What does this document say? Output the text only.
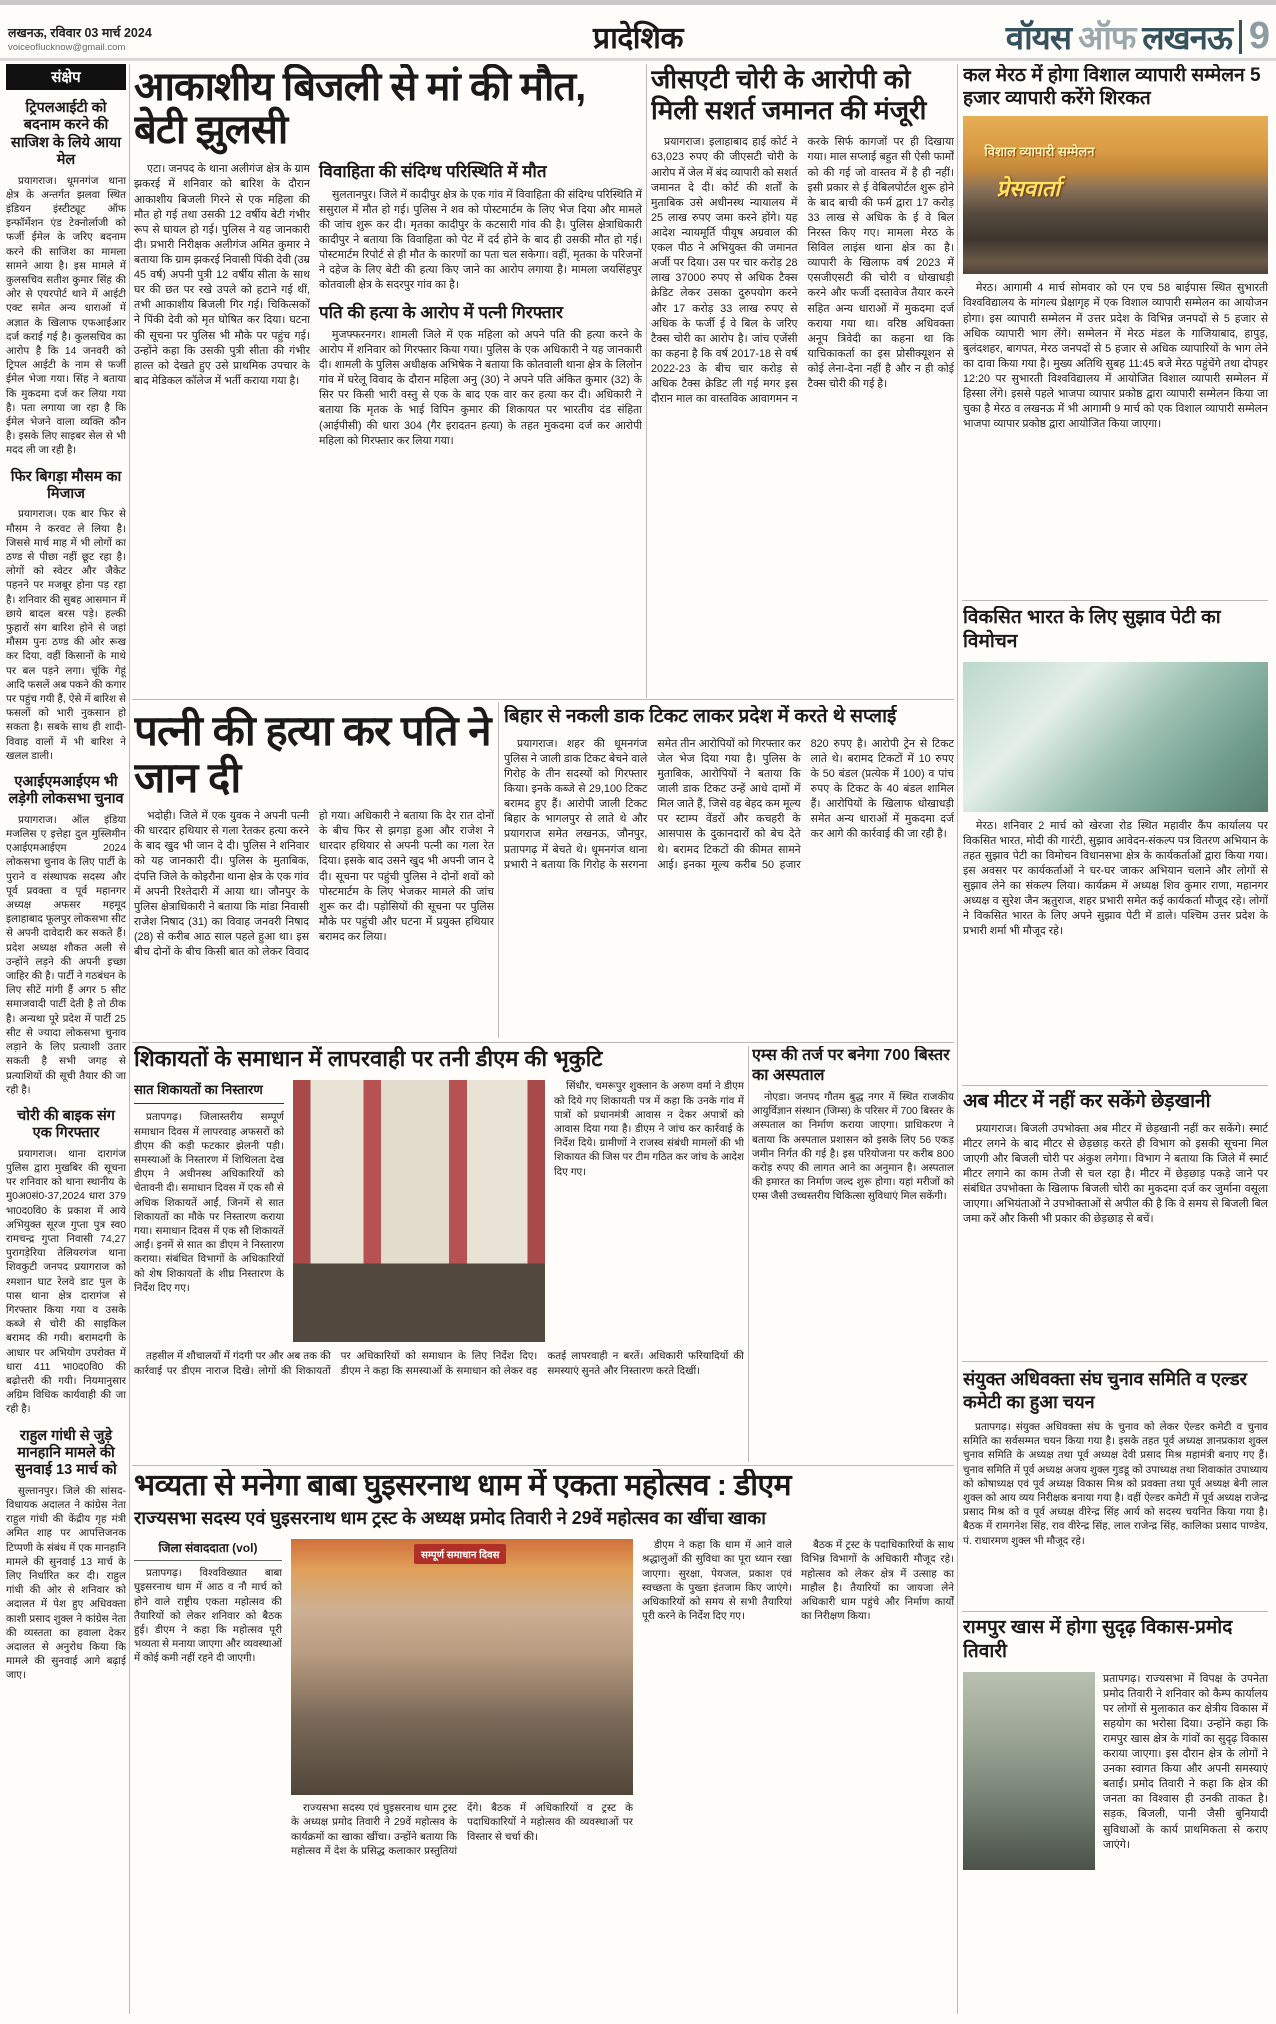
लखनऊ, रविवार 03 मार्च 2024
voiceoflucknow@gmail.com	प्रादेशिक	वॉयस ऑफ लखनऊ 9
संक्षेप
ट्रिपलआईटी को बदनाम करने की साजिश के लिये आया मेल
प्रयागराज। धूमनगंज थाना क्षेत्र के अन्तर्गत झलवा स्थित इंडियन इंस्टीट्यूट ऑफ इन्फॉर्मेशन एंड टेक्नोर्लाजी को फर्जी ईमेल के जरिए बदनाम करने की साजिश का मामला सामने आया है। इस मामले में कुलसचिव सतीश कुमार सिंह की ओर से एयरपोर्ट थाने में आईटी एक्ट समेत अन्य धाराओं में अज्ञात के खिलाफ एफआईआर दर्ज कराई गई है। कुलसचिव का आरोप है कि 14 जनवरी को ट्रिपल आईटी के नाम से फर्जी ईमेल भेजा गया। सिंह ने बताया कि मुकदमा दर्ज कर लिया गया है। पता लगाया जा रहा है कि ईमेल भेजने वाला व्यक्ति कौन है। इसके लिए साइबर सेल से भी मदद ली जा रही है।
फिर बिगड़ा मौसम का मिजाज
प्रयागराज। एक बार फिर से मौसम ने करवट ले लिया है। जिससे मार्च माह में भी लोगों का ठण्ड से पीछा नहीं छूट रहा है। लोगों को स्वेटर और जैकेट पहनने पर मजबूर होना पड़ रहा है। शनिवार की सुबह आसमान में छाये बादल बरस पड़े। हल्की फुहारों संग बारिश होने से जहां मौसम पुनः ठण्ड की ओर रूख कर दिया, वहीं किसानों के माथे पर बल पड़ने लगा। चूंकि गेहूं आदि फसलें अब पकने की कगार पर पहुंच गयी हैं, ऐसे में बारिश से फसलों को भारी नुकसान हो सकता है। सबके साथ ही शादी-विवाह वालों में भी बारिश ने खलल डाली।
एआईएमआईएम भी लड़ेगी लोकसभा चुनाव
प्रयागराज। ऑल इंडिया मजलिस ए इत्तेहा दुल मुस्लिमीन एआईएमआईएम 2024 लोकसभा चुनाव के लिए पार्टी के पुराने व संस्थापक सदस्य और पूर्व प्रवक्ता व पूर्व महानगर अध्यक्ष अफसर महमूद इलाहाबाद फूलपुर लोकसभा सीट से अपनी दावेदारी कर सकते हैं। प्रदेश अध्यक्ष शौकत अली से उन्होंने लड़ने की अपनी इच्छा जाहिर की है। पार्टी ने गठबंधन के लिए सीटें मांगी हैं अगर 5 सीट समाजवादी पार्टी देती है तो ठीक है। अन्यथा पूरे प्रदेश में पार्टी 25 सीट से ज्यादा लोकसभा चुनाव लड़ाने के लिए प्रत्याशी उतार सकती है सभी जगह से प्रत्याशियों की सूची तैयार की जा रही है।
चोरी की बाइक संग एक गिरफ्तार
प्रयागराज। थाना दारागंज पुलिस द्वारा मुखबिर की सूचना पर शनिवार को थाना स्थानीय के मु0अ0सं0-37,2024 धारा 379 भा0द0वि0 के प्रकाश में आये अभियुक्त सूरज गुप्ता पुत्र स्व0 रामचन्द्र गुप्ता निवासी 74,27 पुरागड़ेरिया तेलियरगंज थाना शिवकुटी जनपद प्रयागराज को श्मशान घाट रेलवे डाट पुल के पास थाना क्षेत्र दारागंज से गिरफ्तार किया गया व उसके कब्जे से चोरी की साइकिल बरामद की गयी। बरामदगी के आधार पर अभियोग उपरोक्त में धारा 411 भा0द0वि0 की बढ़ोत्तरी की गयी। नियमानुसार अग्रिम विधिक कार्यवाही की जा रही है।
राहुल गांधी से जुड़े मानहानि मामले की सुनवाई 13 मार्च को
सुल्तानपुर। जिले की सांसद-विधायक अदालत ने कांग्रेस नेता राहुल गांधी की केंद्रीय गृह मंत्री अमित शाह पर आपत्तिजनक टिप्पणी के संबंध में एक मानहानि मामले की सुनवाई 13 मार्च के लिए निर्धारित कर दी। राहुल गांधी की ओर से शनिवार को अदालत में पेश हुए अधिवक्ता काशी प्रसाद शुक्ल ने कांग्रेस नेता की व्यस्तता का हवाला देकर अदालत से अनुरोध किया कि मामले की सुनवाई आगे बढ़ाई जाए।
आकाशीय बिजली से मां की मौत, बेटी झुलसी
एटा। जनपद के थाना अलीगंज क्षेत्र के ग्राम झकरई में शनिवार को बारिश के दौरान आकाशीय बिजली गिरने से एक महिला की मौत हो गई तथा उसकी 12 वर्षीय बेटी गंभीर रूप से घायल हो गई। पुलिस ने यह जानकारी दी। प्रभारी निरीक्षक अलीगंज अमित कुमार ने बताया कि ग्राम झकरई निवासी पिंकी देवी (उम्र 45 वर्ष) अपनी पुत्री 12 वर्षीय सीता के साथ घर की छत पर रखे उपले को हटाने गई थीं, तभी आकाशीय बिजली गिर गई। चिकित्सकों ने पिंकी देवी को मृत घोषित कर दिया। घटना की सूचना पर पुलिस भी मौके पर पहुंच गई। उन्होंने कहा कि उसकी पुत्री सीता की गंभीर हाल्त को देखते हुए उसे प्राथमिक उपचार के बाद मेडिकल कॉलेज में भर्ती कराया गया है।
विवाहिता की संदिग्ध परिस्थिति में मौत
सुलतानपुर। जिले में कादीपुर क्षेत्र के एक गांव में विवाहिता की संदिग्ध परिस्थिति में ससुराल में मौत हो गई। पुलिस ने शव को पोस्टमार्टम के लिए भेज दिया और मामले की जांच शुरू कर दी। मृतका कादीपुर के कटसारी गांव की है। पुलिस क्षेत्राधिकारी कादीपुर ने बताया कि विवाहिता को पेट में दर्द होने के बाद ही उसकी मौत हो गई। पोस्टमार्टम रिपोर्ट से ही मौत के कारणों का पता चल सकेगा। वहीं, मृतका के परिजनों ने दहेज के लिए बेटी की हत्या किए जाने का आरोप लगाया है। मामला जयसिंहपुर कोतवाली क्षेत्र के सदरपुर गांव का है।
पति की हत्या के आरोप में पत्नी गिरफ्तार
मुजफ्फरनगर। शामली जिले में एक महिला को अपने पति की हत्या करने के आरोप में शनिवार को गिरफ्तार किया गया। पुलिस के एक अधिकारी ने यह जानकारी दी। शामली के पुलिस अधीक्षक अभिषेक ने बताया कि कोतवाली थाना क्षेत्र के लिलोन गांव में घरेलू विवाद के दौरान महिला अनु (30) ने अपने पति अंकित कुमार (32) के सिर पर किसी भारी वस्तु से एक के बाद एक वार कर हत्या कर दी। अधिकारी ने बताया कि मृतक के भाई विपिन कुमार की शिकायत पर भारतीय दंड संहिता (आईपीसी) की धारा 304 (गैर इरादतन हत्या) के तहत मुकदमा दर्ज कर आरोपी महिला को गिरफ्तार कर लिया गया।
जीसएटी चोरी के आरोपी को मिली सशर्त जमानत की मंजूरी
प्रयागराज। इलाहाबाद हाई कोर्ट ने 63,023 रुपए की जीएसटी चोरी के आरोप में जेल में बंद व्यापारी को सशर्त जमानत दे दी। कोर्ट की शर्तों के मुताबिक उसे अधीनस्थ न्यायालय में 25 लाख रुपए जमा करने होंगे। यह आदेश न्यायमूर्ति पीयूष अग्रवाल की एकल पीठ ने अभियुक्त की जमानत अर्जी पर दिया। उस पर चार करोड़ 28 लाख 37000 रुपए से अधिक टैक्स क्रेडिट लेकर उसका दुरुपयोग करने और 17 करोड़ 33 लाख रुपए से अधिक के फर्जी ई वे बिल के जरिए टैक्स चोरी का आरोप है। जांच एजेंसी का कहना है कि वर्ष 2017-18 से वर्ष 2022-23 के बीच चार करोड़ से अधिक टैक्स क्रेडिट ली गई मगर इस दौरान माल का वास्तविक आवागमन न करके सिर्फ कागजों पर ही दिखाया गया। माल सप्लाई बहुत सी ऐसी फार्मों को की गई जो वास्तव में है ही नहीं। इसी प्रकार से ई वेबिलपोर्टल शुरू होने के बाद बाची की फर्म द्वारा 17 करोड़ 33 लाख से अधिक के ई वे बिल निरस्त किए गए। मामला मेरठ के सिविल लाइंस थाना क्षेत्र का है। व्यापारी के खिलाफ वर्ष 2023 में एसजीएसटी की चोरी व धोखाधड़ी करने और फर्जी दस्तावेज तैयार करने सहित अन्य धाराओं में मुकदमा दर्ज कराया गया था। वरिष्ठ अधिवक्ता अनूप त्रिवेदी का कहना था कि याचिकाकर्ता का इस प्रोसीक्यूशन से कोई लेना-देना नहीं है और न ही कोई टैक्स चोरी की गई है।
कल मेरठ में होगा विशाल व्यापारी सम्मेलन 5 हजार व्यापारी करेंगे शिरकत
विशाल व्यापारी सम्मेलन
प्रेसवार्ता
मेरठ। आगामी 4 मार्च सोमवार को एन एच 58 बाईपास स्थित सुभारती विश्वविद्यालय के मांगल्य प्रेक्षागृह में एक विशाल व्यापारी सम्मेलन का आयोजन होगा। इस व्यापारी सम्मेलन में उत्तर प्रदेश के विभिन्न जनपदों से 5 हजार से अधिक व्यापारी भाग लेंगे। सम्मेलन में मेरठ मंडल के गाजियाबाद, हापुड़, बुलंदशहर, बागपत, मेरठ जनपदों से 5 हजार से अधिक व्यापारियों के भाग लेने का दावा किया गया है। मुख्य अतिथि सुबह 11:45 बजे मेरठ पहुंचेंगे तथा दोपहर 12:20 पर सुभारती विश्वविद्यालय में आयोजित विशाल व्यापारी सम्मेलन में हिस्सा लेंगे। इससे पहले भाजपा व्यापार प्रकोष्ठ द्वारा व्यापारी सम्मेलन किया जा चुका है मेरठ व लखनऊ में भी आगामी 9 मार्च को एक विशाल व्यापारी सम्मेलन भाजपा व्यापार प्रकोष्ठ द्वारा आयोजित किया जाएगा।
विकसित भारत के लिए सुझाव पेटी का विमोचन
मेरठ। शनिवार 2 मार्च को खेरजा रोड स्थित महावीर कैंप कार्यालय पर विकसित भारत, मोदी की गारंटी, सुझाव आवेदन-संकल्प पत्र वितरण अभियान के तहत सुझाव पेटी का विमोचन विधानसभा क्षेत्र के कार्यकर्ताओं द्वारा किया गया। इस अवसर पर कार्यकर्ताओं ने घर-घर जाकर अभियान चलाने और लोगों से सुझाव लेने का संकल्प लिया। कार्यक्रम में अध्यक्ष शिव कुमार राणा, महानगर अध्यक्ष व सुरेश जैन ऋतुराज, शहर प्रभारी समेत कई कार्यकर्ता मौजूद रहे। लोगों ने विकसित भारत के लिए अपने सुझाव पेटी में डाले। पश्चिम उत्तर प्रदेश के प्रभारी शर्मा भी मौजूद रहे।
पत्नी की हत्या कर पति ने जान दी
भदोही। जिले में एक युवक ने अपनी पत्नी की धारदार हथियार से गला रेतकर हत्या करने के बाद खुद भी जान दे दी। पुलिस ने शनिवार को यह जानकारी दी। पुलिस के मुताबिक, दंपत्ति जिले के कोइरौना थाना क्षेत्र के एक गांव में अपनी रिश्तेदारी में आया था। जौनपुर के पुलिस क्षेत्राधिकारी ने बताया कि मांडा निवासी राजेश निषाद (31) का विवाह जनवरी निषाद (28) से करीब आठ साल पहले हुआ था। इस बीच दोनों के बीच किसी बात को लेकर विवाद हो गया। अधिकारी ने बताया कि देर रात दोनों के बीच फिर से झगड़ा हुआ और राजेश ने धारदार हथियार से अपनी पत्नी का गला रेत दिया। इसके बाद उसने खुद भी अपनी जान दे दी। सूचना पर पहुंची पुलिस ने दोनों शवों को पोस्टमार्टम के लिए भेजकर मामले की जांच शुरू कर दी। पड़ोसियों की सूचना पर पुलिस मौके पर पहुंची और घटना में प्रयुक्त हथियार बरामद कर लिया।
बिहार से नकली डाक टिकट लाकर प्रदेश में करते थे सप्लाई
प्रयागराज। शहर की धूमनगंज पुलिस ने जाली डाक टिकट बेचने वाले गिरोह के तीन सदस्यों को गिरफ्तार किया। इनके कब्जे से 29,100 टिकट बरामद हुए हैं। आरोपी जाली टिकट बिहार के भागलपुर से लाते थे और प्रयागराज समेत लखनऊ, जौनपुर, प्रतापगढ़ में बेचते थे। धूमनगंज थाना प्रभारी ने बताया कि गिरोह के सरगना समेत तीन आरोपियों को गिरफ्तार कर जेल भेज दिया गया है। पुलिस के मुताबिक, आरोपियों ने बताया कि जाली डाक टिकट उन्हें आधे दामों में मिल जाते हैं, जिसे वह बेहद कम मूल्य पर स्टाम्प वेंडरों और कचहरी के आसपास के दुकानदारों को बेच देते थे। बरामद टिकटों की कीमत सामने आई। इनका मूल्य करीब 50 हजार 820 रुपए है। आरोपी ट्रेन से टिकट लाते थे। बरामद टिकटों में 10 रुपए के 50 बंडल (प्रत्येक में 100) व पांच रुपए के टिकट के 40 बंडल शामिल हैं। आरोपियों के खिलाफ धोखाधड़ी समेत अन्य धाराओं में मुकदमा दर्ज कर आगे की कार्रवाई की जा रही है।
शिकायतों के समाधान में लापरवाही पर तनी डीएम की भृकुटि
सात शिकायतों का निस्तारण
प्रतापगढ़। जिलास्तरीय सम्पूर्ण समाधान दिवस में लापरवाह अफसरों को डीएम की कड़ी फटकार झेलनी पड़ी। समस्याओं के निस्तारण में शिथिलता देख डीएम ने अधीनस्थ अधिकारियों को चेतावनी दी। समाधान दिवस में एक सौ से अधिक शिकायतें आईं, जिनमें से सात शिकायतों का मौके पर निस्तारण कराया गया। समाधान दिवस में एक सौ शिकायतें आईं। इनमें से सात का डीएम ने निस्तारण कराया। संबंधित विभागों के अधिकारियों को शेष शिकायतों के शीघ्र निस्तारण के निर्देश दिए गए।
सिंधौर, चमरूपुर शुक्लान के अरुण वर्मा ने डीएम को दिये गए शिकायती पत्र में कहा कि उनके गांव में पात्रों को प्रधानमंत्री आवास न देकर अपात्रों को आवास दिया गया है। डीएम ने जांच कर कार्रवाई के निर्देश दिये। ग्रामीणों ने राजस्व संबंधी मामलों की भी शिकायत की जिस पर टीम गठित कर जांच के आदेश दिए गए।
तहसील में शौचालयों में गंदगी पर और अब तक की कार्रवाई पर डीएम नाराज दिखे। लोगों की शिकायतों पर अधिकारियों को समाधान के लिए निर्देश दिए। डीएम ने कहा कि समस्याओं के समाधान को लेकर वह कतई लापरवाही न बरतें। अधिकारी फरियादियों की समस्याएं सुनते और निस्तारण करते दिखीं।
एम्स की तर्ज पर बनेगा 700 बिस्तर का अस्पताल
नोएडा। जनपद गौतम बुद्ध नगर में स्थित राजकीय आयुर्विज्ञान संस्थान (जिम्स) के परिसर में 700 बिस्तर के अस्पताल का निर्माण कराया जाएगा। प्राधिकरण ने बताया कि अस्पताल प्रशासन को इसके लिए 56 एकड़ जमीन निर्गत की गई है। इस परियोजना पर करीब 800 करोड़ रुपए की लागत आने का अनुमान है। अस्पताल की इमारत का निर्माण जल्द शुरू होगा। यहां मरीजों को एम्स जैसी उच्चस्तरीय चिकित्सा सुविधाएं मिल सकेंगी।
अब मीटर में नहीं कर सकेंगे छेड़खानी
प्रयागराज। बिजली उपभोक्ता अब मीटर में छेड़खानी नहीं कर सकेंगे। स्मार्ट मीटर लगने के बाद मीटर से छेड़छाड़ करते ही विभाग को इसकी सूचना मिल जाएगी और बिजली चोरी पर अंकुश लगेगा। विभाग ने बताया कि जिले में स्मार्ट मीटर लगाने का काम तेजी से चल रहा है। मीटर में छेड़छाड़ पकड़े जाने पर संबंधित उपभोक्ता के खिलाफ बिजली चोरी का मुकदमा दर्ज कर जुर्माना वसूला जाएगा। अभियंताओं ने उपभोक्ताओं से अपील की है कि वे समय से बिजली बिल जमा करें और किसी भी प्रकार की छेड़छाड़ से बचें।
संयुक्त अधिवक्ता संघ चुनाव समिति व एल्डर कमेटी का हुआ चयन
प्रतापगढ़। संयुक्त अधिवक्ता संघ के चुनाव को लेकर ऐल्डर कमेटी व चुनाव समिति का सर्वसम्मत चयन किया गया है। इसके तहत पूर्व अध्यक्ष ज्ञानप्रकाश शुक्ल चुनाव समिति के अध्यक्ष तथा पूर्व अध्यक्ष देवी प्रसाद मिश्र महामंत्री बनाए गए हैं। चुनाव समिति में पूर्व अध्यक्ष अजय शुक्ल गुडडू को उपाध्यक्ष तथा शिवाकांत उपाध्याय को कोषाध्यक्ष एवं पूर्व अध्यक्ष विकास मिश्र को प्रवक्ता तथा पूर्व अध्यक्ष बेनी लाल शुक्ल को आय व्यय निरीक्षक बनाया गया है। वहीं ऐल्डर कमेटी में पूर्व अध्यक्ष राजेन्द्र प्रसाद मिश्र को व पूर्व अध्यक्ष वीरेन्द्र सिंह आर्य को सदस्य चयनित किया गया है। बैठक में रामगनेश सिंह, राव वीरेन्द्र सिंह, लाल राजेन्द्र सिंह, कालिका प्रसाद पाण्डेय, पं. राधारमण शुक्ल भी मौजूद रहे।
रामपुर खास में होगा सुदृढ़ विकास-प्रमोद तिवारी
प्रतापगढ़। राज्यसभा में विपक्ष के उपनेता प्रमोद तिवारी ने शनिवार को कैम्प कार्यालय पर लोगों से मुलाकात कर क्षेत्रीय विकास में सहयोग का भरोसा दिया। उन्होंने कहा कि रामपुर खास क्षेत्र के गांवों का सुदृढ़ विकास कराया जाएगा। इस दौरान क्षेत्र के लोगों ने उनका स्वागत किया और अपनी समस्याएं बताईं। प्रमोद तिवारी ने कहा कि क्षेत्र की जनता का विश्वास ही उनकी ताकत है। सड़क, बिजली, पानी जैसी बुनियादी सुविधाओं के कार्य प्राथमिकता से कराए जाएंगे।
भव्यता से मनेगा बाबा घुइसरनाथ धाम में एकता महोत्सव : डीएम
राज्यसभा सदस्य एवं घुइसरनाथ धाम ट्रस्ट के अध्यक्ष प्रमोद तिवारी ने 29वें महोत्सव का खींचा खाका
जिला संवाददाता (vol)
प्रतापगढ़। विश्वविख्यात बाबा घुइसरनाथ धाम में आठ व नौ मार्च को होने वाले राष्ट्रीय एकता महोत्सव की तैयारियों को लेकर शनिवार को बैठक हुई। डीएम ने कहा कि महोत्सव पूरी भव्यता से मनाया जाएगा और व्यवस्थाओं में कोई कमी नहीं रहने दी जाएगी।
सम्पूर्ण समाधान दिवस
राज्यसभा सदस्य एवं घुइसरनाथ धाम ट्रस्ट के अध्यक्ष प्रमोद तिवारी ने 29वें महोत्सव के कार्यक्रमों का खाका खींचा। उन्होंने बताया कि महोत्सव में देश के प्रसिद्ध कलाकार प्रस्तुतियां देंगे। बैठक में अधिकारियों व ट्रस्ट के पदाधिकारियों ने महोत्सव की व्यवस्थाओं पर विस्तार से चर्चा की।
डीएम ने कहा कि धाम में आने वाले श्रद्धालुओं की सुविधा का पूरा ध्यान रखा जाएगा। सुरक्षा, पेयजल, प्रकाश एवं स्वच्छता के पुख्ता इंतजाम किए जाएंगे। अधिकारियों को समय से सभी तैयारियां पूरी करने के निर्देश दिए गए।
बैठक में ट्रस्ट के पदाधिकारियों के साथ विभिन्न विभागों के अधिकारी मौजूद रहे। महोत्सव को लेकर क्षेत्र में उत्साह का माहौल है। तैयारियों का जायजा लेने अधिकारी धाम पहुंचे और निर्माण कार्यों का निरीक्षण किया।
